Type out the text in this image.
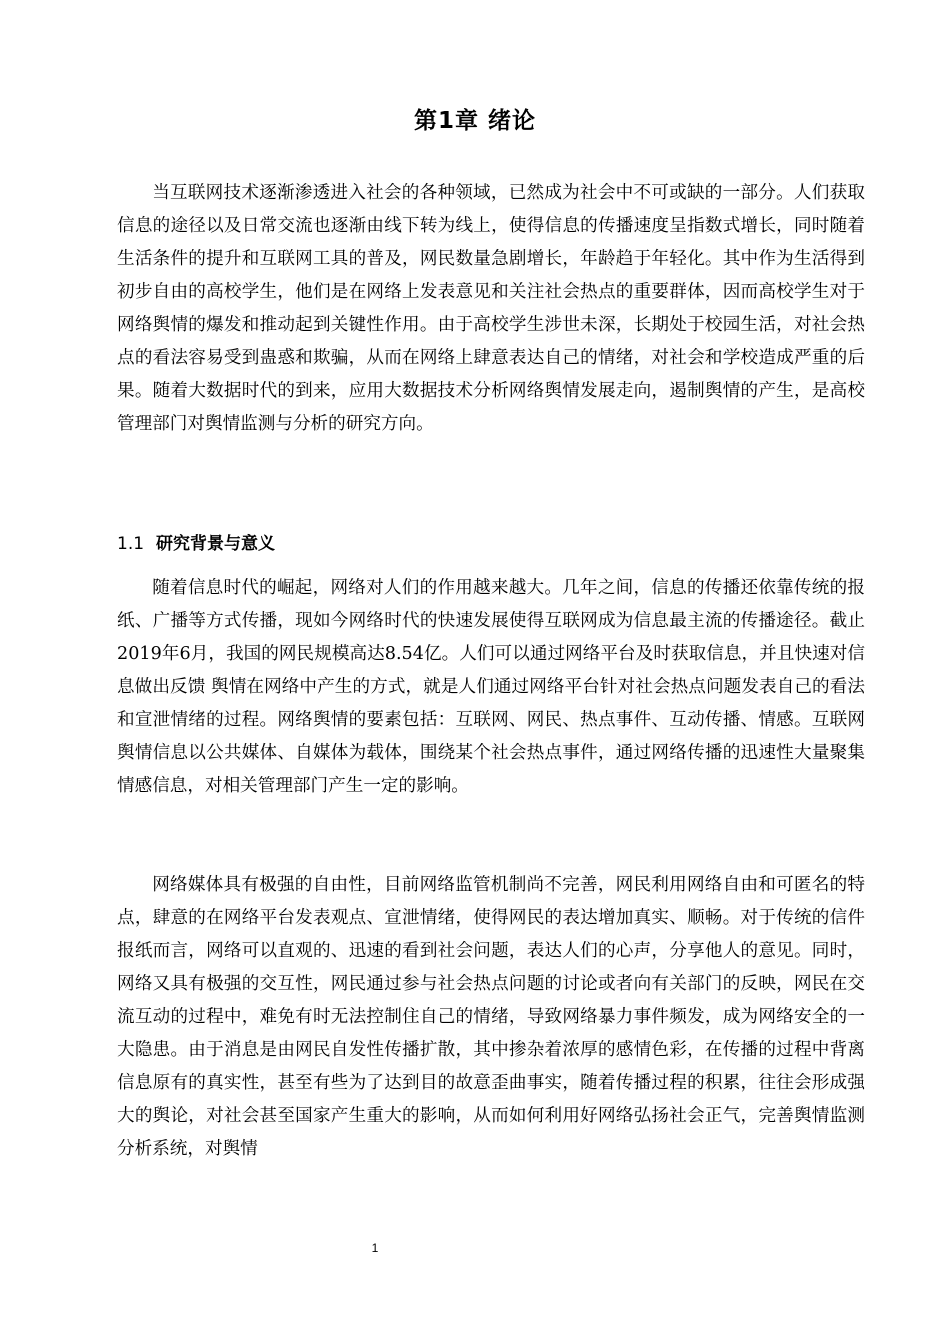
第1章 绪论

当互联网技术逐渐渗透进入社会的各种领域，已然成为社会中不可或缺的一部分。人们获取信息的途径以及日常交流也逐渐由线下转为线上，使得信息的传播速度呈指数式增长，同时随着生活条件的提升和互联网工具的普及，网民数量急剧增长，年龄趋于年轻化。其中作为生活得到初步自由的高校学生，他们是在网络上发表意见和关注社会热点的重要群体，因而高校学生对于网络舆情的爆发和推动起到关键性作用。由于高校学生涉世未深，长期处于校园生活，对社会热点的看法容易受到蛊惑和欺骗，从而在网络上肆意表达自己的情绪，对社会和学校造成严重的后果。随着大数据时代的到来，应用大数据技术分析网络舆情发展走向，遏制舆情的产生，是高校管理部门对舆情监测与分析的研究方向。

1.1 研究背景与意义

随着信息时代的崛起，网络对人们的作用越来越大。几年之间，信息的传播还依靠传统的报纸、广播等方式传播，现如今网络时代的快速发展使得互联网成为信息最主流的传播途径。截止2019年6月，我国的网民规模高达8.54亿。人们可以通过网络平台及时获取信息，并且快速对信息做出反馈 舆情在网络中产生的方式，就是人们通过网络平台针对社会热点问题发表自己的看法和宣泄情绪的过程。网络舆情的要素包括：互联网、网民、热点事件、互动传播、情感。互联网舆情信息以公共媒体、自媒体为载体，围绕某个社会热点事件，通过网络传播的迅速性大量聚集情感信息，对相关管理部门产生一定的影响。

网络媒体具有极强的自由性，目前网络监管机制尚不完善，网民利用网络自由和可匿名的特点，肆意的在网络平台发表观点、宣泄情绪，使得网民的表达增加真实、顺畅。对于传统的信件报纸而言，网络可以直观的、迅速的看到社会问题，表达人们的心声，分享他人的意见。同时，网络又具有极强的交互性，网民通过参与社会热点问题的讨论或者向有关部门的反映，网民在交流互动的过程中，难免有时无法控制住自己的情绪，导致网络暴力事件频发，成为网络安全的一大隐患。由于消息是由网民自发性传播扩散，其中掺杂着浓厚的感情色彩，在传播的过程中背离信息原有的真实性，甚至有些为了达到目的故意歪曲事实，随着传播过程的积累，往往会形成强大的舆论，对社会甚至国家产生重大的影响，从而如何利用好网络弘扬社会正气，完善舆情监测分析系统，对舆情

1
